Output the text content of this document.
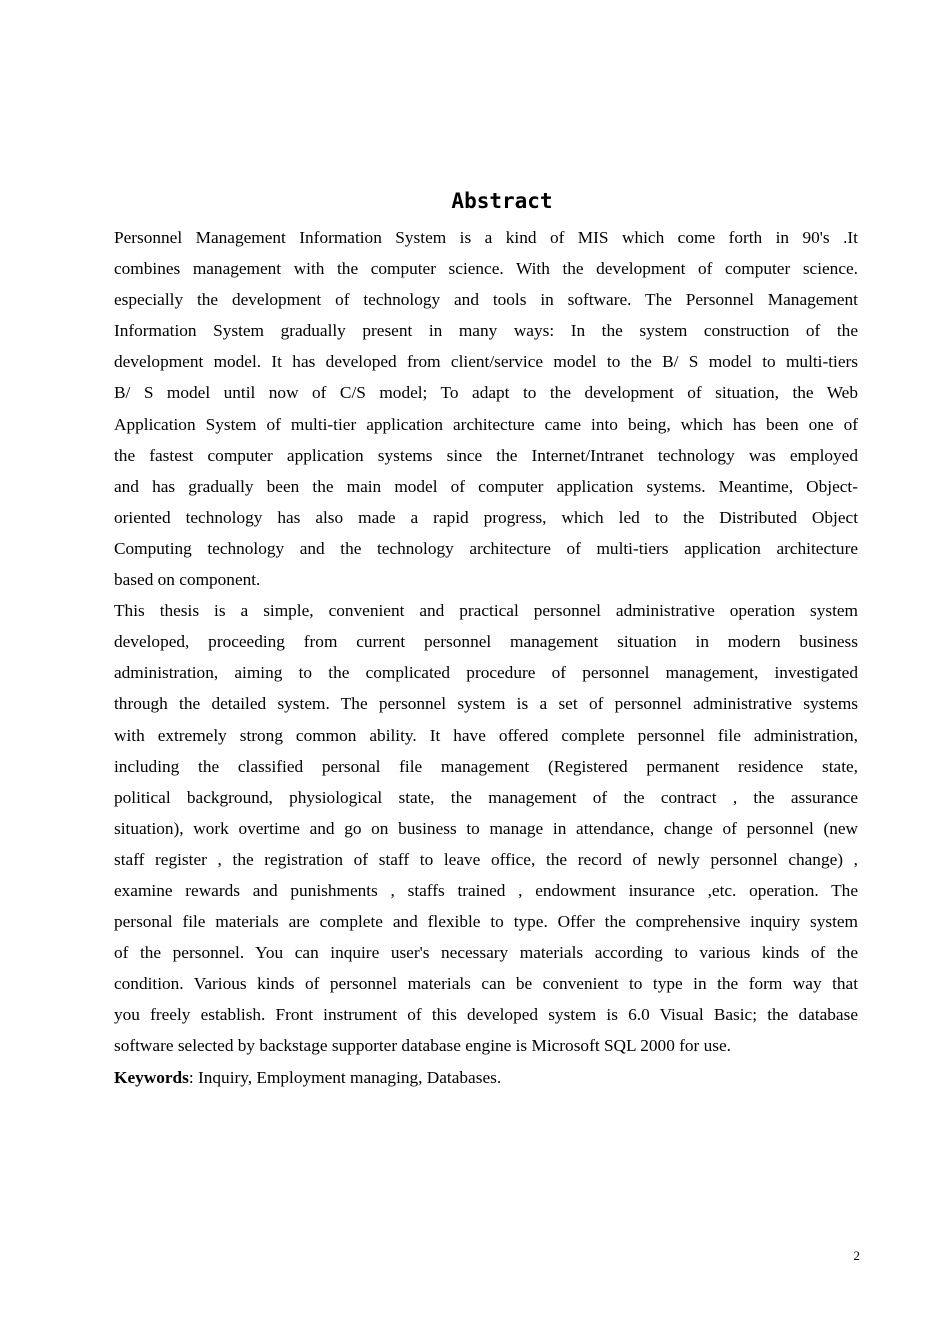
Abstract
Personnel Management Information System is a kind of MIS which come forth in 90's .It
combines management with the computer science. With the development of computer science.
especially the development of technology and tools in software. The Personnel Management
Information System gradually present in many ways: In the system construction of the
development model. It has developed from client/service model to the B/ S model to multi-tiers
B/ S model until now of C/S model; To adapt to the development of situation, the Web
Application System of multi-tier application architecture came into being, which has been one of
the fastest computer application systems since the Internet/Intranet technology was employed
and has gradually been the main model of computer application systems. Meantime, Object-
oriented technology has also made a rapid progress, which led to the Distributed Object
Computing technology and the technology architecture of multi-tiers application architecture
based on component.
This thesis is a simple, convenient and practical personnel administrative operation system
developed, proceeding from current personnel management situation in modern business
administration, aiming to the complicated procedure of personnel management, investigated
through the detailed system. The personnel system is a set of personnel administrative systems
with extremely strong common ability. It have offered complete personnel file administration,
including the classified personal file management (Registered permanent residence state,
political background, physiological state, the management of the contract , the assurance
situation), work overtime and go on business to manage in attendance, change of personnel (new
staff register , the registration of staff to leave office, the record of newly personnel change) ,
examine rewards and punishments , staffs trained , endowment insurance ,etc. operation. The
personal file materials are complete and flexible to type. Offer the comprehensive inquiry system
of the personnel. You can inquire user's necessary materials according to various kinds of the
condition. Various kinds of personnel materials can be convenient to type in the form way that
you freely establish. Front instrument of this developed system is 6.0 Visual Basic; the database
software selected by backstage supporter database engine is Microsoft SQL 2000 for use.
Keywords: Inquiry, Employment managing, Databases.
2
